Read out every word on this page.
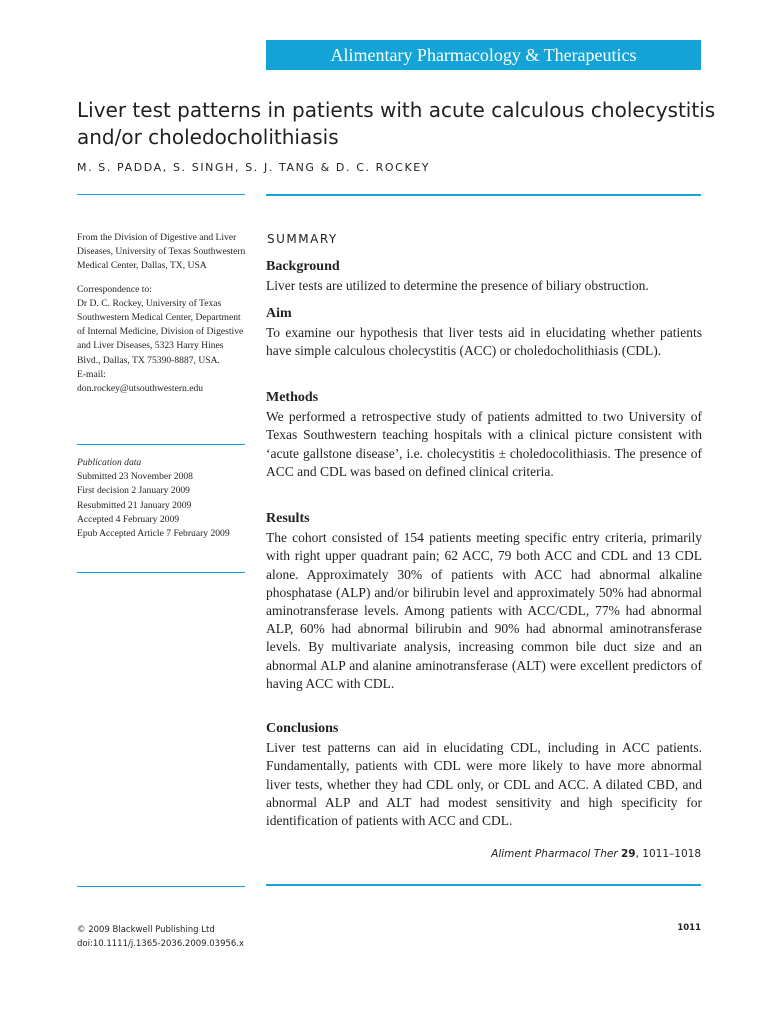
Alimentary Pharmacology & Therapeutics
Liver test patterns in patients with acute calculous cholecystitis and/or choledocholithiasis
M. S. PADDA, S. SINGH, S. J. TANG & D. C. ROCKEY

From the Division of Digestive and Liver Diseases, University of Texas Southwestern Medical Center, Dallas, TX, USA

Correspondence to:

Dr D. C. Rockey, University of Texas Southwestern Medical Center, Department of Internal Medicine, Division of Digestive and Liver Diseases, 5323 Harry Hines Blvd., Dallas, TX 75390-8887, USA.

E-mail:

don.rockey@utsouthwestern.edu

Publication data

Submitted 23 November 2008

First decision 2 January 2009

Resubmitted 21 January 2009

Accepted 4 February 2009

Epub Accepted Article 7 February 2009

SUMMARY

Background

Liver tests are utilized to determine the presence of biliary obstruction.

Aim

To examine our hypothesis that liver tests aid in elucidating whether patients have simple calculous cholecystitis (ACC) or choledocholithiasis (CDL).

Methods

We performed a retrospective study of patients admitted to two University of Texas Southwestern teaching hospitals with a clinical picture consistent with ‘acute gallstone disease’, i.e. cholecystitis ± choledocolithiasis. The presence of ACC and CDL was based on defined clinical criteria.

Results

The cohort consisted of 154 patients meeting specific entry criteria, primarily with right upper quadrant pain; 62 ACC, 79 both ACC and CDL and 13 CDL alone. Approximately 30% of patients with ACC had abnormal alkaline phosphatase (ALP) and/or bilirubin level and approximately 50% had abnormal aminotransferase levels. Among patients with ACC/CDL, 77% had abnormal ALP, 60% had abnormal bilirubin and 90% had abnormal aminotransferase levels. By multivariate analysis, increasing common bile duct size and an abnormal ALP and alanine aminotransferase (ALT) were excellent predictors of having ACC with CDL.

Conclusions

Liver test patterns can aid in elucidating CDL, including in ACC patients. Fundamentally, patients with CDL were more likely to have more abnormal liver tests, whether they had CDL only, or CDL and ACC. A dilated CBD, and abnormal ALP and ALT had modest sensitivity and high specificity for identification of patients with ACC and CDL.

Aliment Pharmacol Ther 29, 1011–1018

© 2009 Blackwell Publishing Ltd

doi:10.1111/j.1365-2036.2009.03956.x

1011
